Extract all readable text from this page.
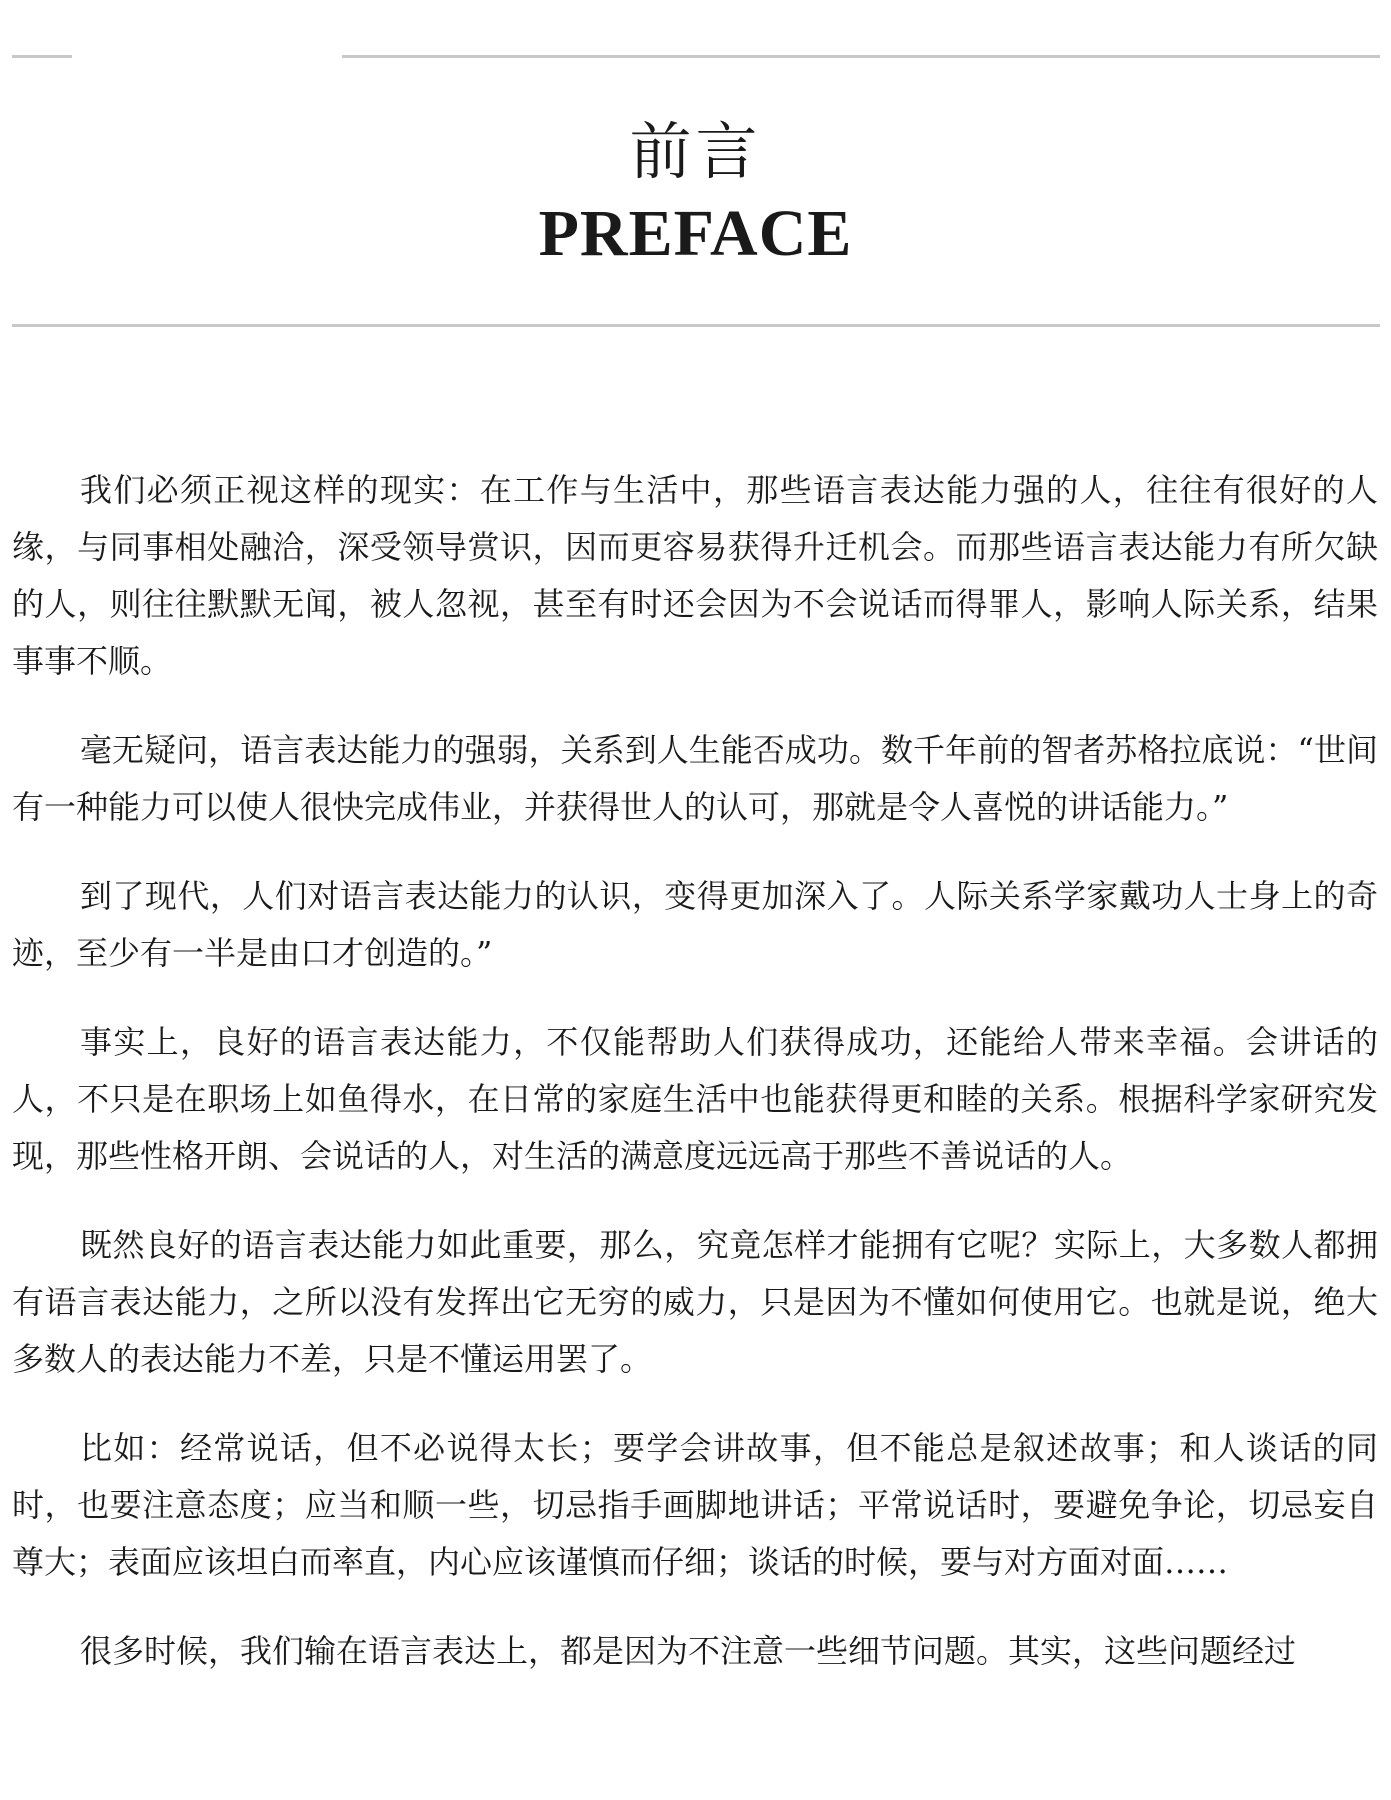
前言
PREFACE

我们必须正视这样的现实：在工作与生活中，那些语言表达能力强的人，往往有很好的人缘，与同事相处融洽，深受领导赏识，因而更容易获得升迁机会。而那些语言表达能力有所欠缺的人，则往往默默无闻，被人忽视，甚至有时还会因为不会说话而得罪人，影响人际关系，结果事事不顺。

毫无疑问，语言表达能力的强弱，关系到人生能否成功。数千年前的智者苏格拉底说：“世间有一种能力可以使人很快完成伟业，并获得世人的认可，那就是令人喜悦的讲话能力。”

到了现代，人们对语言表达能力的认识，变得更加深入了。人际关系学家戴功人士身上的奇迹，至少有一半是由口才创造的。”

事实上，良好的语言表达能力，不仅能帮助人们获得成功，还能给人带来幸福。会讲话的人，不只是在职场上如鱼得水，在日常的家庭生活中也能获得更和睦的关系。根据科学家研究发现，那些性格开朗、会说话的人，对生活的满意度远远高于那些不善说话的人。

既然良好的语言表达能力如此重要，那么，究竟怎样才能拥有它呢？实际上，大多数人都拥有语言表达能力，之所以没有发挥出它无穷的威力，只是因为不懂如何使用它。也就是说，绝大多数人的表达能力不差，只是不懂运用罢了。

比如：经常说话，但不必说得太长；要学会讲故事，但不能总是叙述故事；和人谈话的同时，也要注意态度；应当和顺一些，切忌指手画脚地讲话；平常说话时，要避免争论，切忌妄自尊大；表面应该坦白而率直，内心应该谨慎而仔细；谈话的时候，要与对方面对面……

很多时候，我们输在语言表达上，都是因为不注意一些细节问题。其实，这些问题经过
